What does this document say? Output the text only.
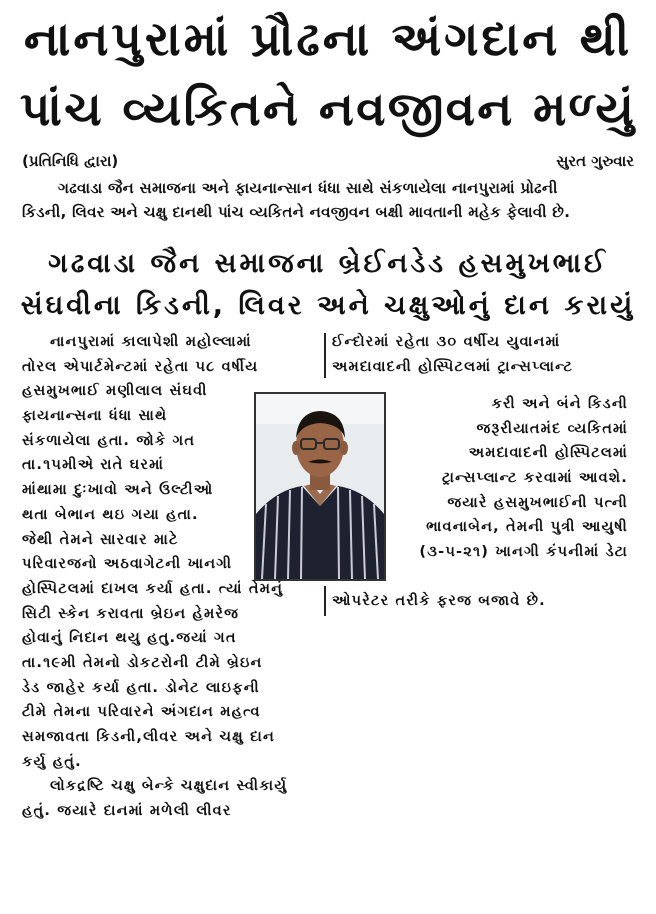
નાનપુરામાં પ્રૌઢના અંગદાન થી
પાંચ વ્યકિતને નવજીવન મળ્યું
(પ્રતિનિધિ દ્વારા)	સુરત ગુરુવાર
ગઢવાડા જૈન સમાજના અને ફાયનાન્સાન ધંધા સાથે સંકળાયેલા નાનપુરામાં પ્રોઢની
કિડની, લિવર અને ચક્ષુ દાનથી પાંચ વ્યકિતને નવજીવન બક્ષી માવતાની મહેક ફેલાવી છે.
ગઢવાડા જૈન સમાજના બ્રેઈનડેડ હસમુખભાઈ
સંઘવીના કિડની, લિવર અને ચક્ષુઓનું દાન કરાયું
નાનપુરામાં કાલાપેશી મહોલ્લામાં
તોરલ એપાર્ટમેન્ટમાં રહેતા ૫૮ વર્ષીય
હસમુખભાઈ મણીલાલ સંઘવી
ફાયનાન્સના ધંધા સાથે
સંકળાયેલા હતા. જોકે ગત
તા.૧૫મીએ રાતે ઘરમાં
માંથામા દુઃખાવો અને ઉલ્ટીઓ
થતા બેભાન થઇ ગયા હતા.
જેથી તેમને સારવાર માટે
પરિવારજનો અઠવાગેટની ખાનગી
હોસ્પિટલમાં દાખલ કર્યા હતા. ત્યાં તેમનું
સિટી સ્કેન કરાવતા બ્રેઇન હેમરેજ
હોવાનું નિદાન થયુ હતુ.જયાં ગત
તા.૧૯મી તેમનો ડોકટરોની ટીમે બ્રેઇન
ડેડ જાહેર કર્યા હતા. ડોનેટ લાઇફની
ટીમે તેમના પરિવારને અંગદાન મહત્વ
સમજાવતા કિડની,લીવર અને ચક્ષુ દાન
કર્યુ હતું.
લોકદ્રષ્ટિ ચક્ષુ બેન્કે ચક્ષુદાન સ્વીકાર્યુ
હતું. જયારે દાનમાં મળેલી લીવર
ઈન્દોરમાં રહેતા ૩૦ વર્ષીય યુવાનમાં
અમદાવાદની હોસ્પિટલમાં ટ્રાન્સપ્લાન્ટ
કરી અને બંને કિડની
જરૂરીયાતમંદ વ્યકિતમાં
અમદાવાદની હોસ્પિટલમાં
ટ્રાન્સપ્લાન્ટ કરવામાં આવશે.
જયારે હસમુખભાઈની પત્ની
ભાવનાબેન, તેમની પુત્રી આયુષી
(૩-૫-૨૧) ખાનગી કંપનીમાં ડેટા
ઓપરેટર તરીકે ફરજ બજાવે છે.
